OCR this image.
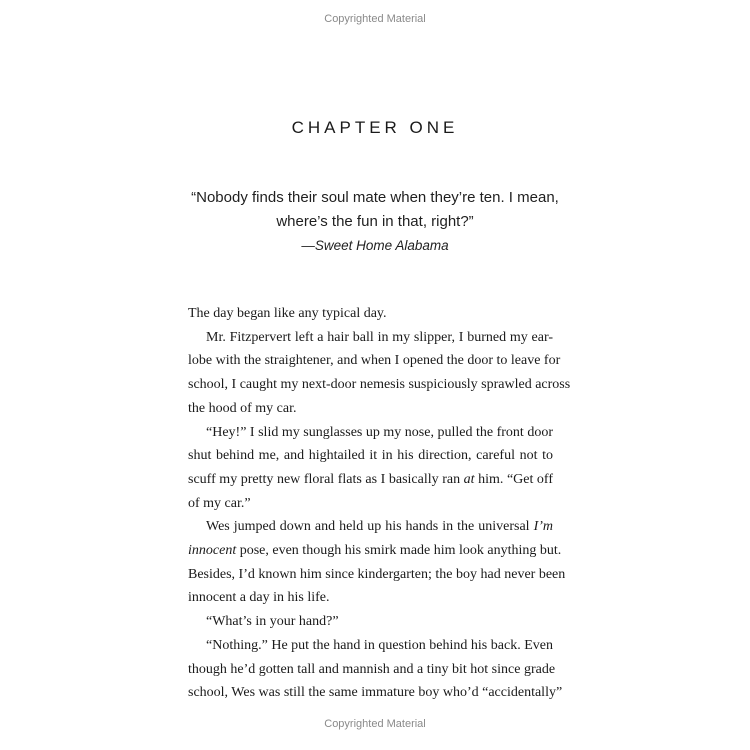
Copyrighted Material
CHAPTER ONE
“Nobody finds their soul mate when they’re ten. I mean,
where’s the fun in that, right?”
—Sweet Home Alabama
The day began like any typical day.
Mr. Fitzpervert left a hair ball in my slipper, I burned my ear-
lobe with the straightener, and when I opened the door to leave for
school, I caught my next-door nemesis suspiciously sprawled across
the hood of my car.
“Hey!” I slid my sunglasses up my nose, pulled the front door
shut behind me, and hightailed it in his direction, careful not to
scuff my pretty new floral flats as I basically ran at him. “Get off
of my car.”
Wes jumped down and held up his hands in the universal I’m
innocent pose, even though his smirk made him look anything but.
Besides, I’d known him since kindergarten; the boy had never been
innocent a day in his life.
“What’s in your hand?”
“Nothing.” He put the hand in question behind his back. Even
though he’d gotten tall and mannish and a tiny bit hot since grade
school, Wes was still the same immature boy who’d “accidentally”
Copyrighted Material
